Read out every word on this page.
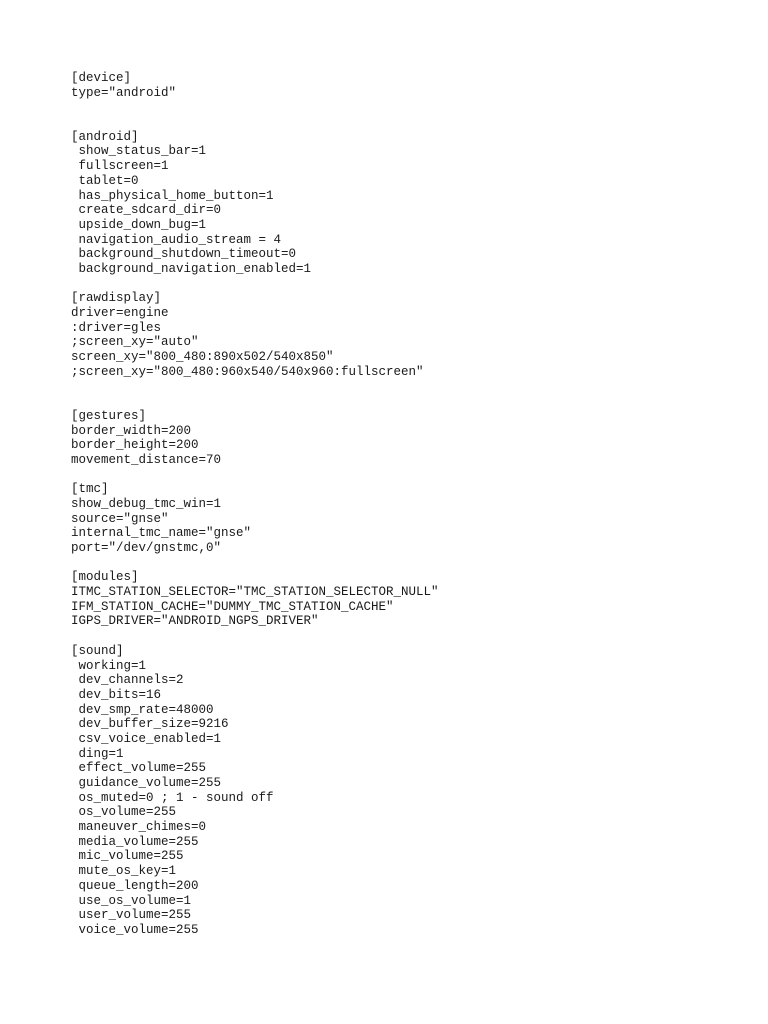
[device]
type="android"
[android]
show_status_bar=1
fullscreen=1
tablet=0
has_physical_home_button=1
create_sdcard_dir=0
upside_down_bug=1
navigation_audio_stream = 4
background_shutdown_timeout=0
background_navigation_enabled=1
[rawdisplay]
driver=engine
:driver=gles
;screen_xy="auto"
screen_xy="800_480:890x502/540x850"
;screen_xy="800_480:960x540/540x960:fullscreen"
[gestures]
border_width=200
border_height=200
movement_distance=70
[tmc]
show_debug_tmc_win=1
source="gnse"
internal_tmc_name="gnse"
port="/dev/gnstmc,0"
[modules]
ITMC_STATION_SELECTOR="TMC_STATION_SELECTOR_NULL"
IFM_STATION_CACHE="DUMMY_TMC_STATION_CACHE"
IGPS_DRIVER="ANDROID_NGPS_DRIVER"
[sound]
working=1
dev_channels=2
dev_bits=16
dev_smp_rate=48000
dev_buffer_size=9216
csv_voice_enabled=1
ding=1
effect_volume=255
guidance_volume=255
os_muted=0 ; 1 - sound off
os_volume=255
maneuver_chimes=0
media_volume=255
mic_volume=255
mute_os_key=1
queue_length=200
use_os_volume=1
user_volume=255
voice_volume=255
